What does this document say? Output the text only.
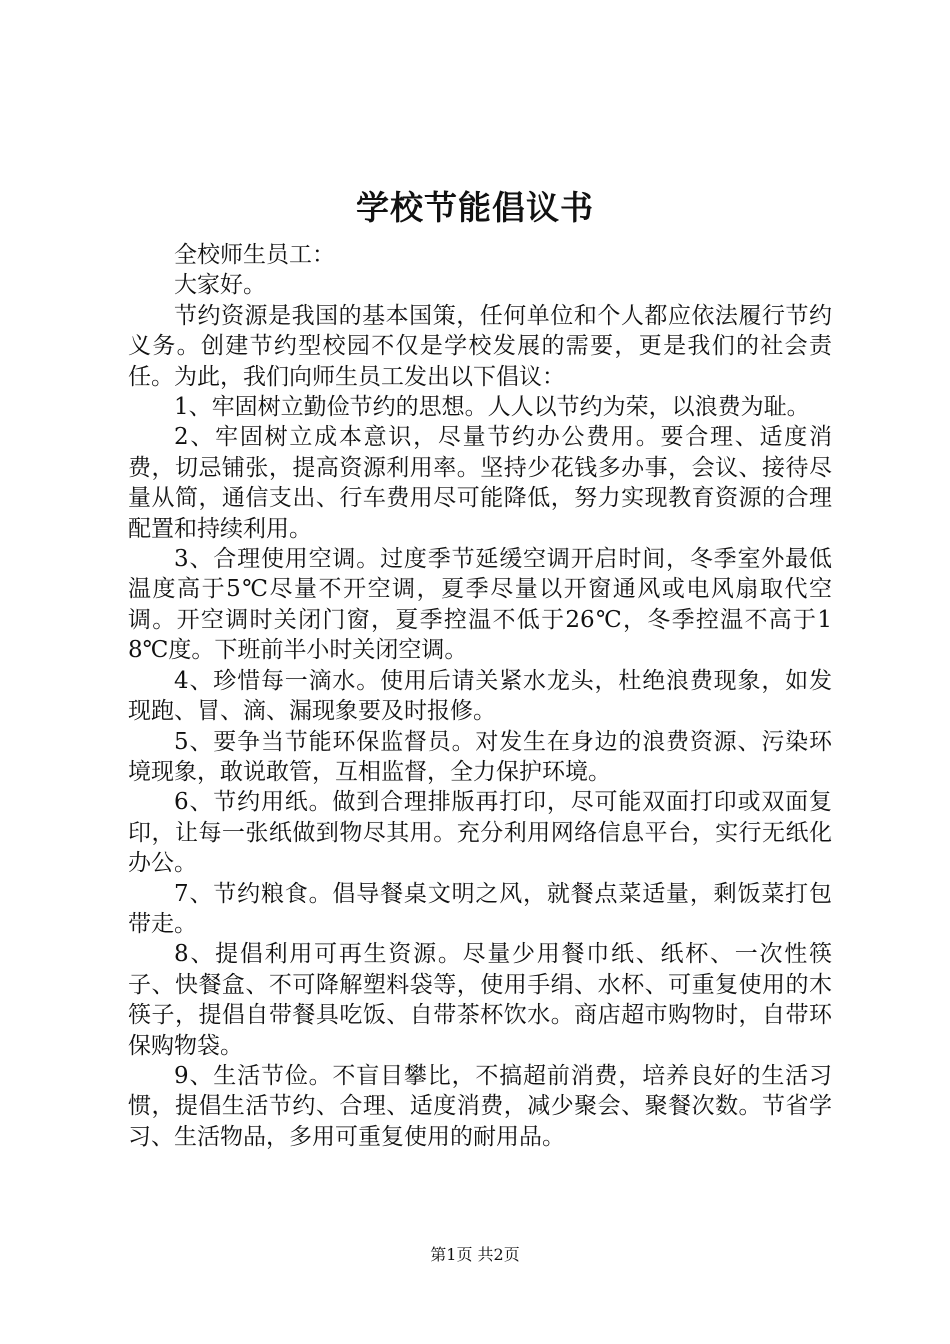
学校节能倡议书

全校师生员工：

大家好。

节约资源是我国的基本国策，任何单位和个人都应依法履行节约义务。创建节约型校园不仅是学校发展的需要，更是我们的社会责任。为此，我们向师生员工发出以下倡议：

1、牢固树立勤俭节约的思想。人人以节约为荣，以浪费为耻。

2、牢固树立成本意识，尽量节约办公费用。要合理、适度消费，切忌铺张，提高资源利用率。坚持少花钱多办事，会议、接待尽量从简，通信支出、行车费用尽可能降低，努力实现教育资源的合理配置和持续利用。

3、合理使用空调。过度季节延缓空调开启时间，冬季室外最低温度高于5℃尽量不开空调，夏季尽量以开窗通风或电风扇取代空调。开空调时关闭门窗，夏季控温不低于26℃，冬季控温不高于18℃度。下班前半小时关闭空调。

4、珍惜每一滴水。使用后请关紧水龙头，杜绝浪费现象，如发现跑、冒、滴、漏现象要及时报修。

5、要争当节能环保监督员。对发生在身边的浪费资源、污染环境现象，敢说敢管，互相监督，全力保护环境。

6、节约用纸。做到合理排版再打印，尽可能双面打印或双面复印，让每一张纸做到物尽其用。充分利用网络信息平台，实行无纸化办公。

7、节约粮食。倡导餐桌文明之风，就餐点菜适量，剩饭菜打包带走。

8、提倡利用可再生资源。尽量少用餐巾纸、纸杯、一次性筷子、快餐盒、不可降解塑料袋等，使用手绢、水杯、可重复使用的木筷子，提倡自带餐具吃饭、自带茶杯饮水。商店超市购物时，自带环保购物袋。

9、生活节俭。不盲目攀比，不搞超前消费，培养良好的生活习惯，提倡生活节约、合理、适度消费，减少聚会、聚餐次数。节省学习、生活物品，多用可重复使用的耐用品。

第1页 共2页
